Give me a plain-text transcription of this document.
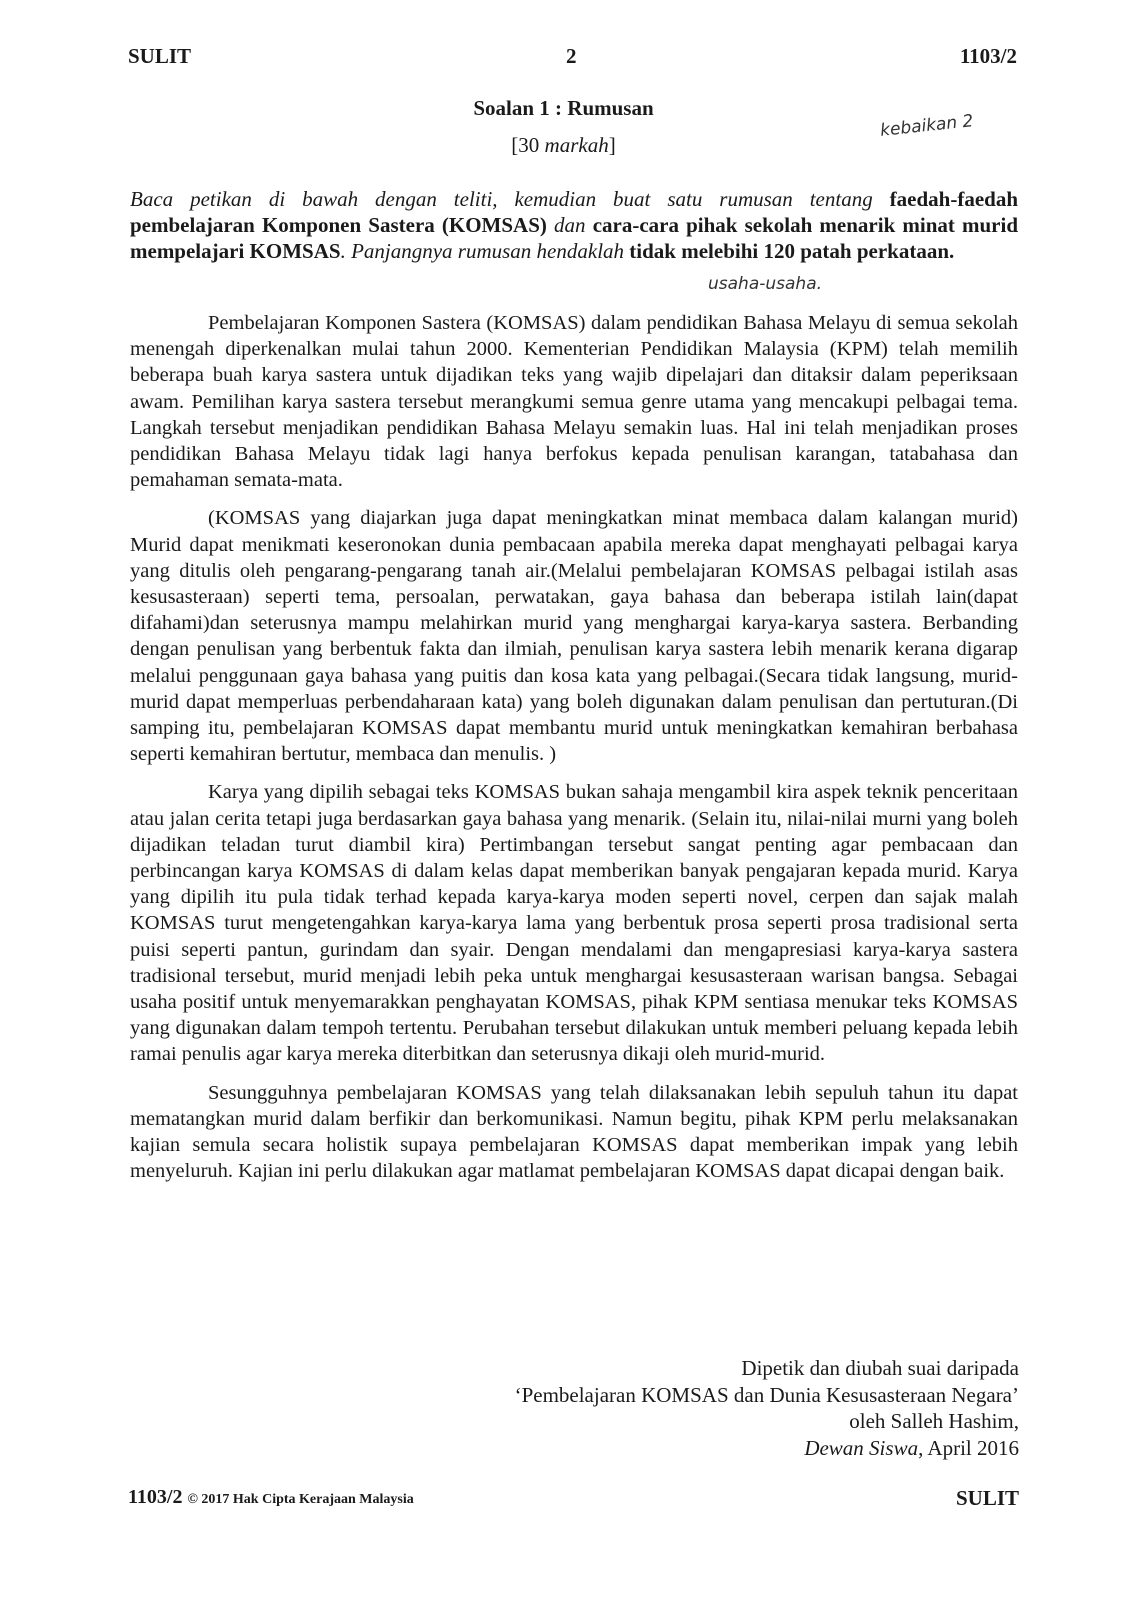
SULIT	2	1103/2
Soalan 1 : Rumusan
[30 markah]
kebaikan 2
usaha-usaha.
Baca petikan di bawah dengan teliti, kemudian buat satu rumusan tentang faedah-faedah pembelajaran Komponen Sastera (KOMSAS) dan cara-cara pihak sekolah menarik minat murid mempelajari KOMSAS. Panjangnya rumusan hendaklah tidak melebihi 120 patah perkataan.

Pembelajaran Komponen Sastera (KOMSAS) dalam pendidikan Bahasa Melayu di semua sekolah menengah diperkenalkan mulai tahun 2000. Kementerian Pendidikan Malaysia (KPM) telah memilih beberapa buah karya sastera untuk dijadikan teks yang wajib dipelajari dan ditaksir dalam peperiksaan awam. Pemilihan karya sastera tersebut merangkumi semua genre utama yang mencakupi pelbagai tema. Langkah tersebut menjadikan pendidikan Bahasa Melayu semakin luas. Hal ini telah menjadikan proses pendidikan Bahasa Melayu tidak lagi hanya berfokus kepada penulisan karangan, tatabahasa dan pemahaman semata-mata.

(KOMSAS yang diajarkan juga dapat meningkatkan minat membaca dalam kalangan murid) Murid dapat menikmati keseronokan dunia pembacaan apabila mereka dapat menghayati pelbagai karya yang ditulis oleh pengarang-pengarang tanah air.(Melalui pembelajaran KOMSAS pelbagai istilah asas kesusasteraan) seperti tema, persoalan, perwatakan, gaya bahasa dan beberapa istilah lain(dapat difahami)dan seterusnya mampu melahirkan murid yang menghargai karya-karya sastera. Berbanding dengan penulisan yang berbentuk fakta dan ilmiah, penulisan karya sastera lebih menarik kerana digarap melalui penggunaan gaya bahasa yang puitis dan kosa kata yang pelbagai.(Secara tidak langsung, murid-murid dapat memperluas perbendaharaan kata) yang boleh digunakan dalam penulisan dan pertuturan.(Di samping itu, pembelajaran KOMSAS dapat membantu murid untuk meningkatkan kemahiran berbahasa seperti kemahiran bertutur, membaca dan menulis. )

Karya yang dipilih sebagai teks KOMSAS bukan sahaja mengambil kira aspek teknik penceritaan atau jalan cerita tetapi juga berdasarkan gaya bahasa yang menarik. (Selain itu, nilai-nilai murni yang boleh dijadikan teladan turut diambil kira) Pertimbangan tersebut sangat penting agar pembacaan dan perbincangan karya KOMSAS di dalam kelas dapat memberikan banyak pengajaran kepada murid. Karya yang dipilih itu pula tidak terhad kepada karya-karya moden seperti novel, cerpen dan sajak malah KOMSAS turut mengetengahkan karya-karya lama yang berbentuk prosa seperti prosa tradisional serta puisi seperti pantun, gurindam dan syair. Dengan mendalami dan mengapresiasi karya-karya sastera tradisional tersebut, murid menjadi lebih peka untuk menghargai kesusasteraan warisan bangsa. Sebagai usaha positif untuk menyemarakkan penghayatan KOMSAS, pihak KPM sentiasa menukar teks KOMSAS yang digunakan dalam tempoh tertentu. Perubahan tersebut dilakukan untuk memberi peluang kepada lebih ramai penulis agar karya mereka diterbitkan dan seterusnya dikaji oleh murid-murid.

Sesungguhnya pembelajaran KOMSAS yang telah dilaksanakan lebih sepuluh tahun itu dapat mematangkan murid dalam berfikir dan berkomunikasi. Namun begitu, pihak KPM perlu melaksanakan kajian semula secara holistik supaya pembelajaran KOMSAS dapat memberikan impak yang lebih menyeluruh. Kajian ini perlu dilakukan agar matlamat pembelajaran KOMSAS dapat dicapai dengan baik.

Dipetik dan diubah suai daripada
‘Pembelajaran KOMSAS dan Dunia Kesusasteraan Negara’
oleh Salleh Hashim,
Dewan Siswa, April 2016
1103/2 © 2017 Hak Cipta Kerajaan Malaysia	SULIT
